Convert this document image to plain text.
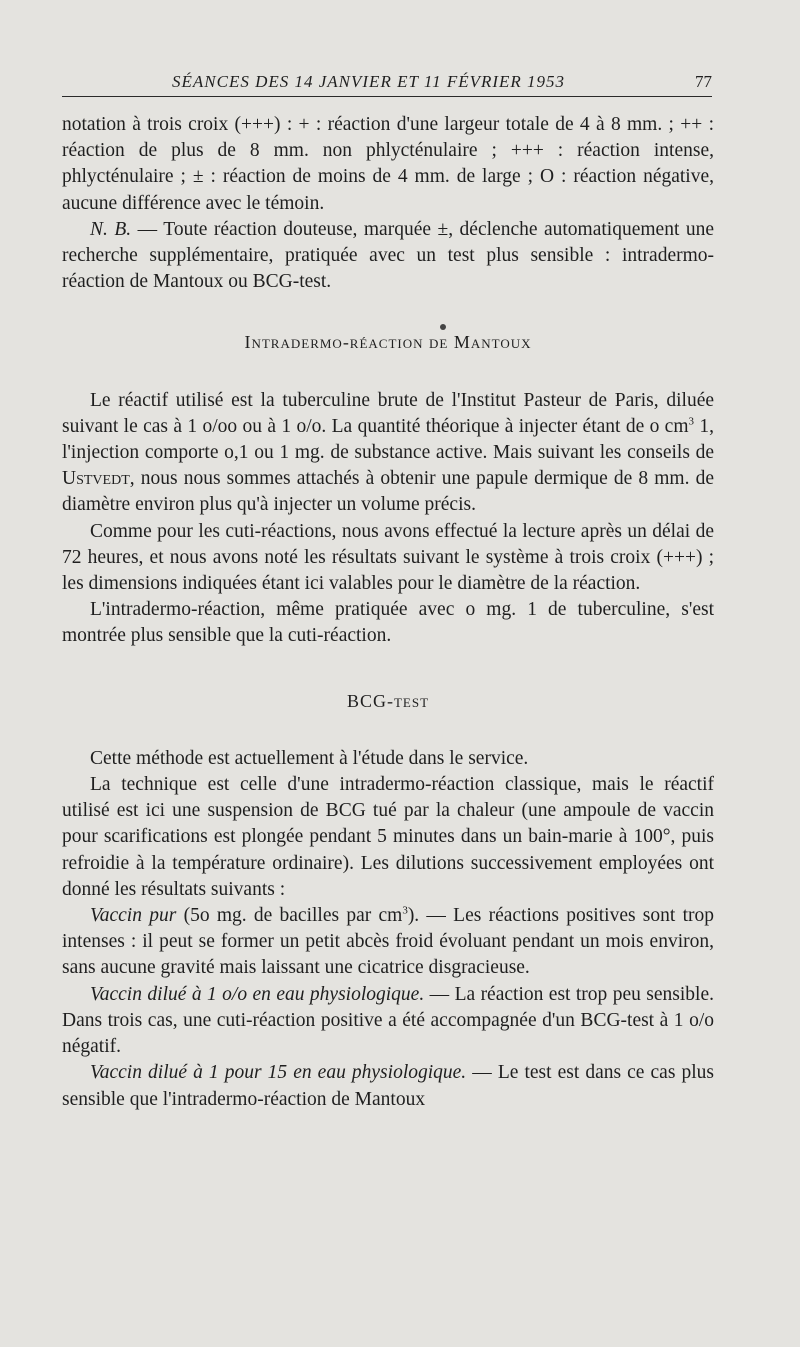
SÉANCES DES 14 JANVIER ET 11 FÉVRIER 1953	77

notation à trois croix (+++) : + : réaction d'une largeur totale de 4 à 8 mm. ; ++ : réaction de plus de 8 mm. non phlycténulaire ; +++ : réaction intense, phlycténulaire ; ± : réaction de moins de 4 mm. de large ; O : réaction négative, aucune différence avec le témoin.

N. B. — Toute réaction douteuse, marquée ±, déclenche automatiquement une recherche supplémentaire, pratiquée avec un test plus sensible : intradermo-réaction de Mantoux ou BCG-test.

Intradermo-réaction de Mantoux

Le réactif utilisé est la tuberculine brute de l'Institut Pasteur de Paris, diluée suivant le cas à 1 o/oo ou à 1 o/o. La quantité théorique à injecter étant de o $cm^3$ 1, l'injection comporte o,1 ou 1 mg. de substance active. Mais suivant les conseils de Ustvedt, nous nous sommes attachés à obtenir une papule dermique de 8 mm. de diamètre environ plus qu'à injecter un volume précis.

Comme pour les cuti-réactions, nous avons effectué la lecture après un délai de 72 heures, et nous avons noté les résultats suivant le système à trois croix (+++) ; les dimensions indiquées étant ici valables pour le diamètre de la réaction.

L'intradermo-réaction, même pratiquée avec o mg. 1 de tuberculine, s'est montrée plus sensible que la cuti-réaction.

BCG-test

Cette méthode est actuellement à l'étude dans le service.

La technique est celle d'une intradermo-réaction classique, mais le réactif utilisé est ici une suspension de BCG tué par la chaleur (une ampoule de vaccin pour scarifications est plongée pendant 5 minutes dans un bain-marie à 100°, puis refroidie à la température ordinaire). Les dilutions successivement employées ont donné les résultats suivants :

Vaccin pur (5o mg. de bacilles par $cm^3$). — Les réactions positives sont trop intenses : il peut se former un petit abcès froid évoluant pendant un mois environ, sans aucune gravité mais laissant une cicatrice disgracieuse.

Vaccin dilué à 1 o/o en eau physiologique. — La réaction est trop peu sensible. Dans trois cas, une cuti-réaction positive a été accompagnée d'un BCG-test à 1 o/o négatif.

Vaccin dilué à 1 pour 15 en eau physiologique. — Le test est dans ce cas plus sensible que l'intradermo-réaction de Mantoux
